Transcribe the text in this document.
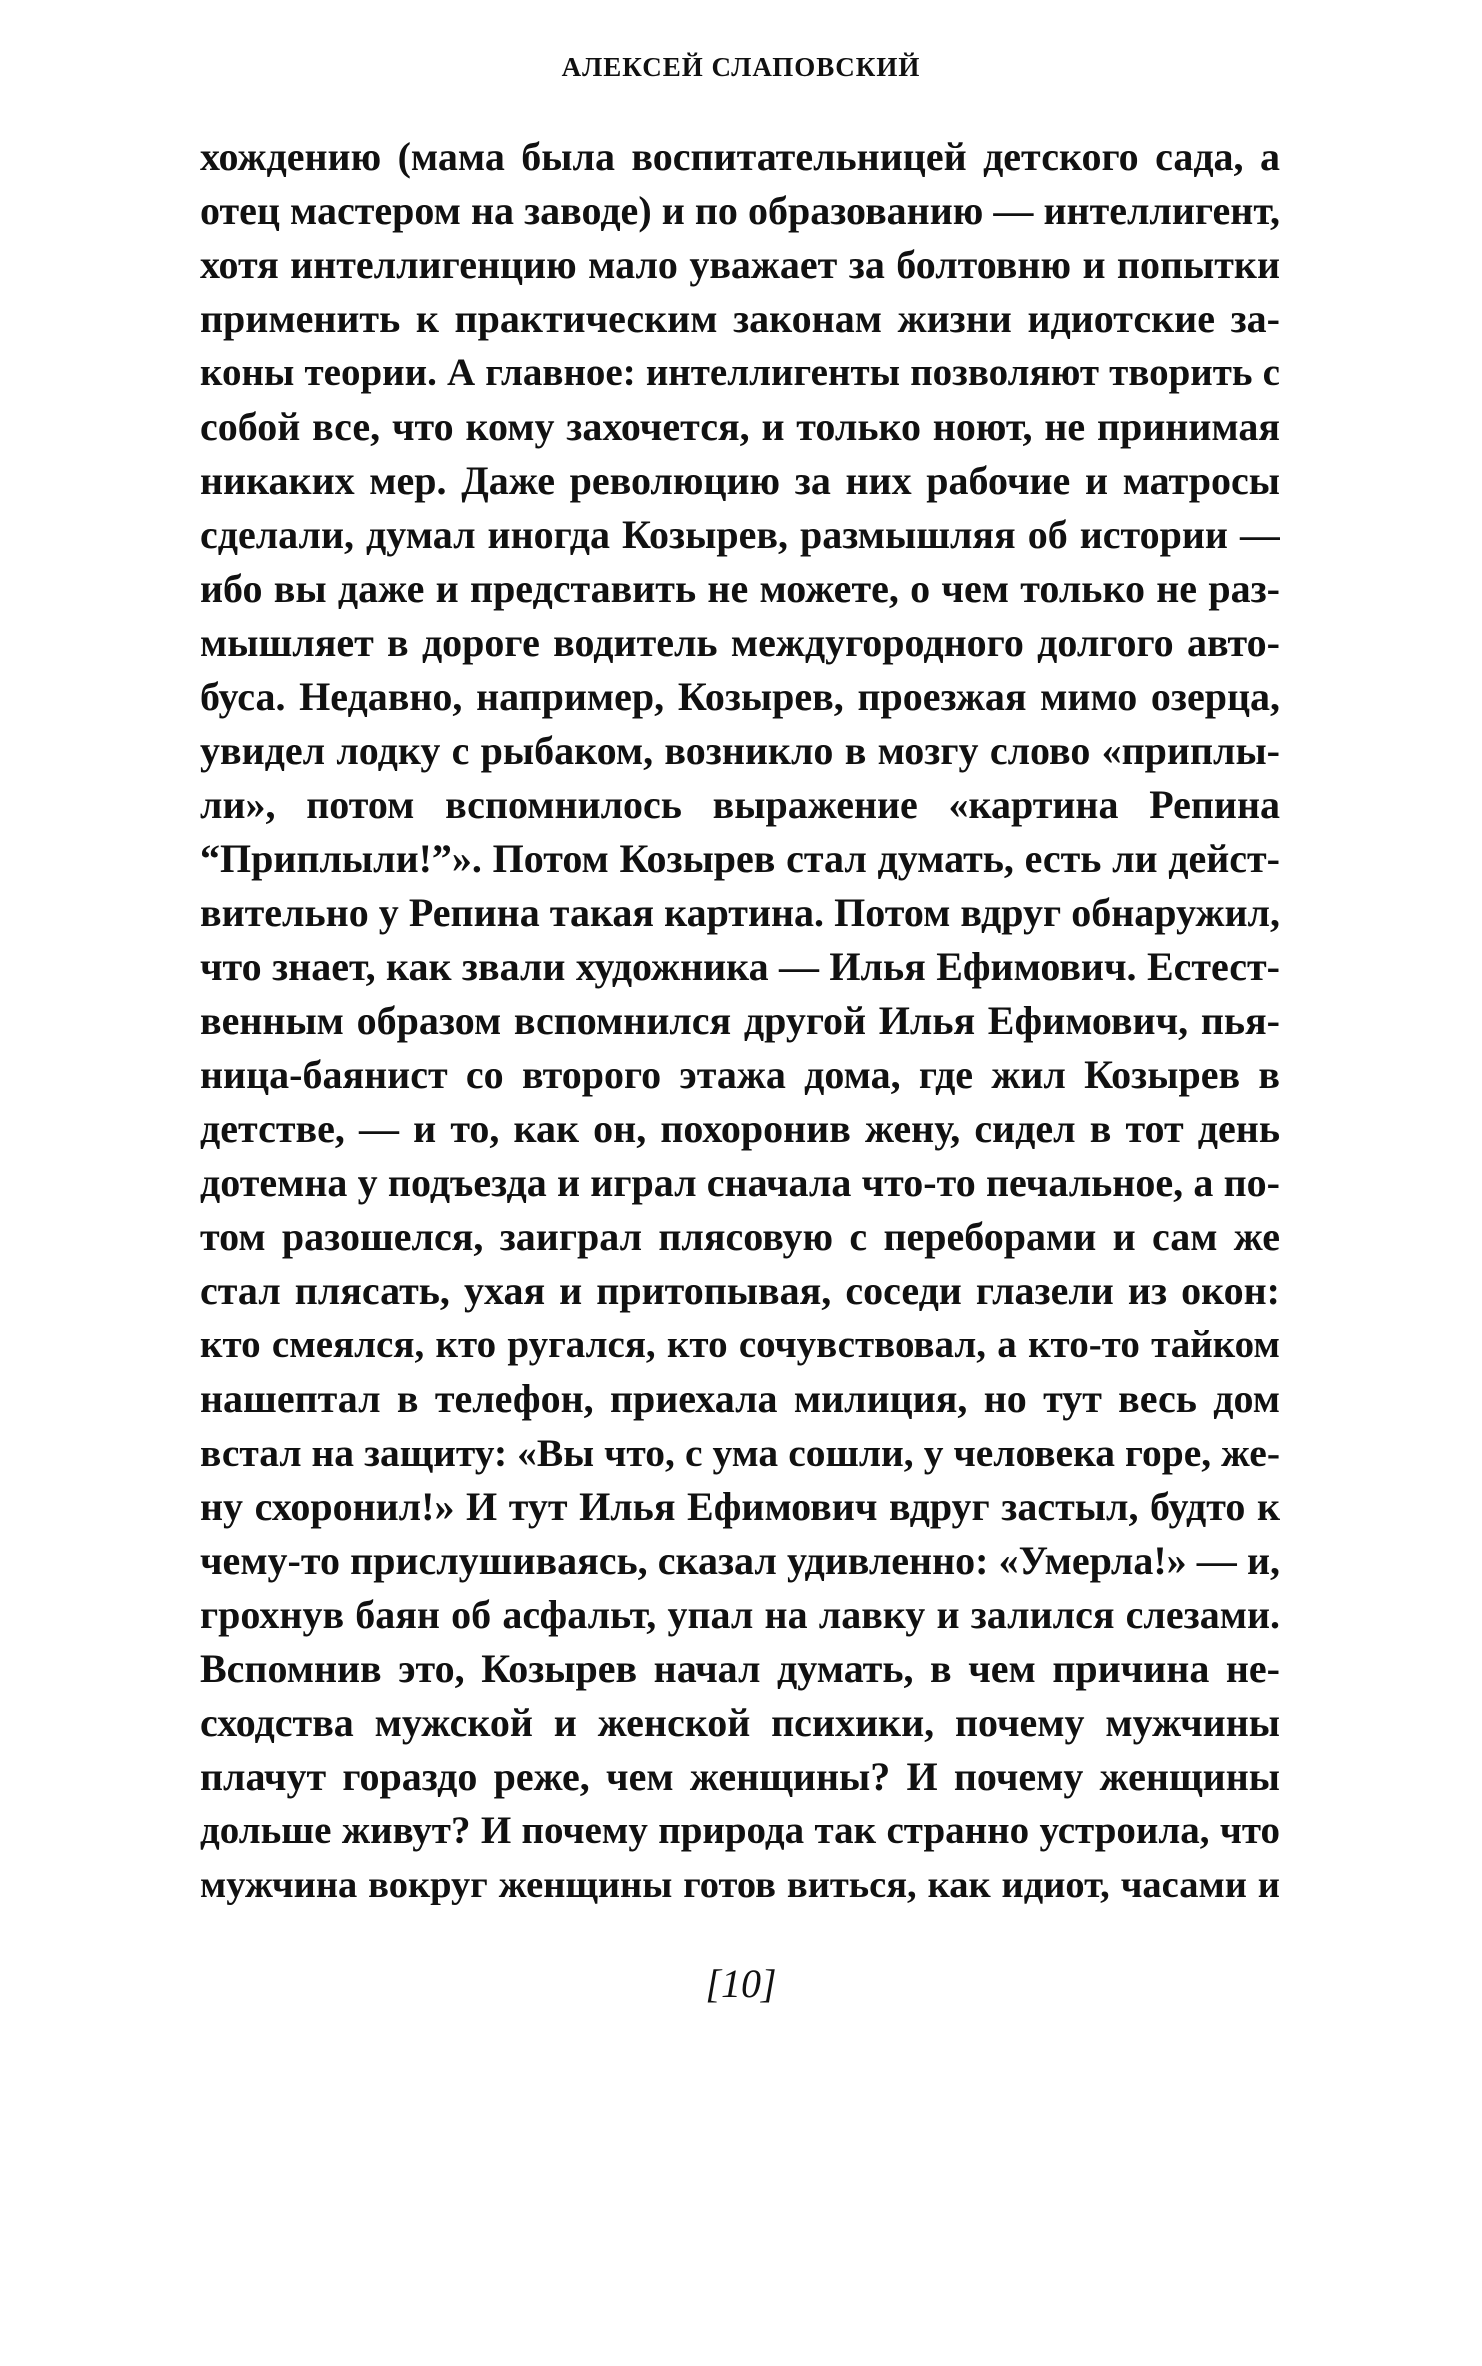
АЛЕКСЕЙ СЛАПОВСКИЙ
хождению (мама была воспитательницей детского сада, а
отец мастером на заводе) и по образованию — интеллигент,
хотя интеллигенцию мало уважает за болтовню и попытки
применить к практическим законам жизни идиотские за-
коны теории. А главное: интеллигенты позволяют творить с
собой все, что кому захочется, и только ноют, не принимая
никаких мер. Даже революцию за них рабочие и матросы
сделали, думал иногда Козырев, размышляя об истории —
ибо вы даже и представить не можете, о чем только не раз-
мышляет в дороге водитель междугородного долгого авто-
буса. Недавно, например, Козырев, проезжая мимо озерца,
увидел лодку с рыбаком, возникло в мозгу слово «приплы-
ли», потом вспомнилось выражение «картина Репина
“Приплыли!”». Потом Козырев стал думать, есть ли дейст-
вительно у Репина такая картина. Потом вдруг обнаружил,
что знает, как звали художника — Илья Ефимович. Естест-
венным образом вспомнился другой Илья Ефимович, пья-
ница-баянист со второго этажа дома, где жил Козырев в
детстве, — и то, как он, похоронив жену, сидел в тот день
дотемна у подъезда и играл сначала что-то печальное, а по-
том разошелся, заиграл плясовую с переборами и сам же
стал плясать, ухая и притопывая, соседи глазели из окон:
кто смеялся, кто ругался, кто сочувствовал, а кто-то тайком
нашептал в телефон, приехала милиция, но тут весь дом
встал на защиту: «Вы что, с ума сошли, у человека горе, же-
ну схоронил!» И тут Илья Ефимович вдруг застыл, будто к
чему-то прислушиваясь, сказал удивленно: «Умерла!» — и,
грохнув баян об асфальт, упал на лавку и залился слезами.
Вспомнив это, Козырев начал думать, в чем причина не-
сходства мужской и женской психики, почему мужчины
плачут гораздо реже, чем женщины? И почему женщины
дольше живут? И почему природа так странно устроила, что
мужчина вокруг женщины готов виться, как идиот, часами и
[10]
